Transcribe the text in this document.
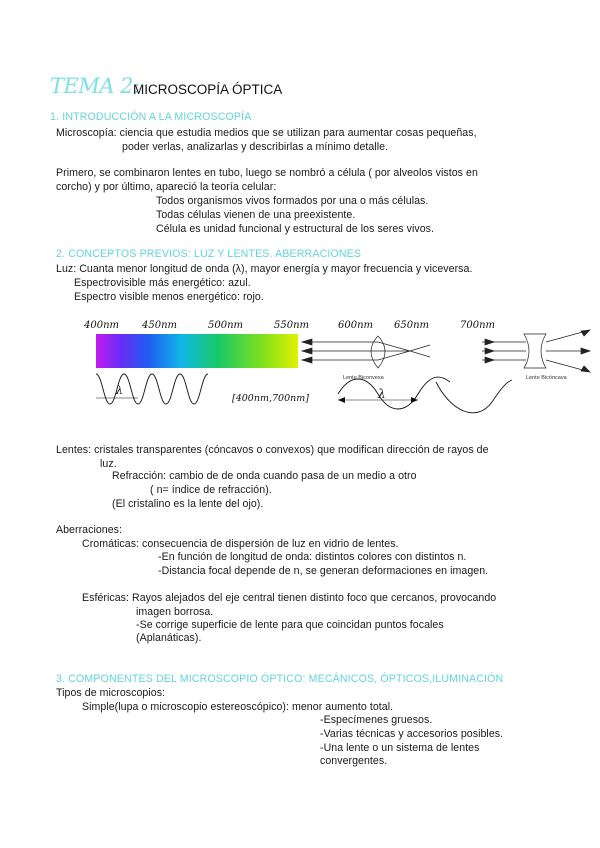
TEMA 2:
MICROSCOPÍA ÓPTICA
1. INTRODUCCIÓN A LA MICROSCOPÍA
Microscopía: ciencia que estudia medios que se utilizan para aumentar cosas pequeñas,
poder verlas, analizarlas y describirlas a mínimo detalle.
Primero, se combinaron lentes en tubo, luego se nombró a célula ( por alveolos vistos en
corcho) y por último, apareció la teoría celular:
Todos organismos vivos formados por una o más células.
Todas células vienen de una preexistente.
Célula es unidad funcional y estructural de los seres vivos.
2. CONCEPTOS PREVIOS: LUZ Y LENTES. ABERRACIONES
Luz: Cuanta menor longitud de onda (λ), mayor energía y mayor frecuencia y viceversa.
Espectrovisible más energético: azul.
Espectro visible menos energético: rojo.
400nm 450nm	500nm	550nm	600nm 650nm	700nm
Lente Biconvexa	Lente Bicóncava
λ
[400nm,700nm]	λ
Lentes: cristales transparentes (cóncavos o convexos) que modifican dirección de rayos de
luz.
Refracción: cambio de de onda cuando pasa de un medio a otro
( n= índice de refracción).
(El cristalino es la lente del ojo).
Aberraciones:
Cromáticas: consecuencia de dispersión de luz en vidrio de lentes.
-En función de longitud de onda: distintos colores con distintos n.
-Distancia focal depende de n, se generan deformaciones en imagen.
Esféricas: Rayos alejados del eje central tienen distinto foco que cercanos, provocando
imagen borrosa.
-Se corrige superficie de lente para que coincidan puntos focales
(Aplanáticas).
3. COMPONENTES DEL MICROSCOPIO ÓPTICO: MECÁNICOS, ÓPTICOS,ILUMINACIÓN
Tipos de microscopios:
Simple(lupa o microscopio estereoscópico): menor aumento total.
-Especímenes gruesos.
-Varias técnicas y accesorios posibles.
-Una lente o un sistema de lentes
convergentes.
